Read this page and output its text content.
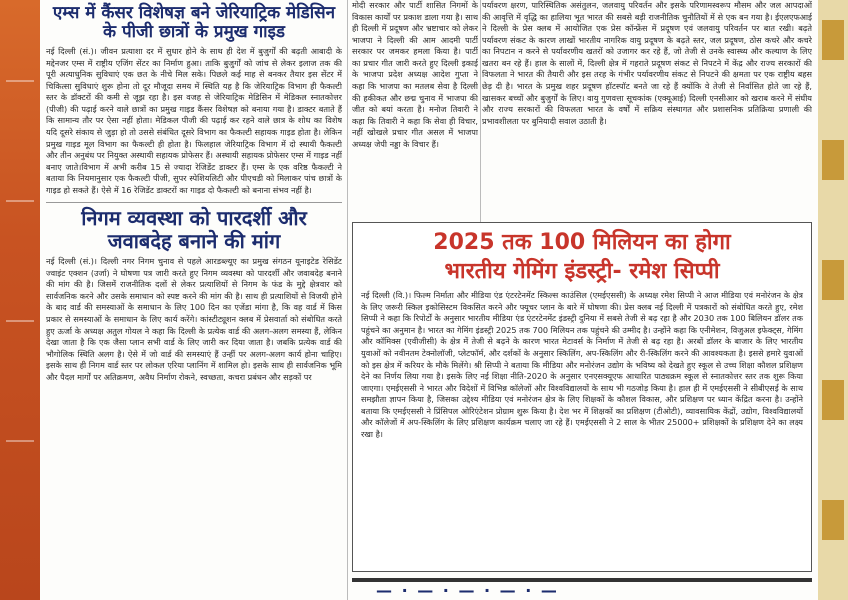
एम्स में कैंसर विशेषज्ञ बने जेरियाट्रिक मेडिसिन के पीजी छात्रों के प्रमुख गाइड
नई दिल्ली (सं.)। जीवन प्रत्याशा दर में सुधार होने के साथ ही देश में बुजुर्गों की बढ़ती आबादी के मद्देनजर एम्स में राष्ट्रीय एजिंग सेंटर का निर्माण हुआ। ताकि बुजुर्गों को जांच से लेकर इलाज तक की पूरी अत्याधुनिक सुविधाएं एक छत के नीचे मिल सके। पिछले कई माह से बनकर तैयार इस सेंटर में चिकित्सा सुविधाएं शुरू होना तो दूर मौजूदा समय में स्थिति यह है कि जेरियाट्रिक विभाग ही फैकल्टी स्तर के डॉक्टरों की कमी से जूझ रहा है। इस वजह से जेरियाट्रिक मेडिसिन में मेडिकल स्नातकोत्तर (पीजी) की पढ़ाई करने वाले छात्रों का प्रमुख गाइड कैंसर विशेषज्ञ को बनाया गया है। डाक्टर बताते हैं कि सामान्य तौर पर ऐसा नहीं होता। मेडिकल पीजी की पढ़ाई कर रहने वाले छात्र के शोध का विशेष यदि दूसरे संकाय से जुड़ा हो तो उससे संबंधित दूसरे विभाग का फैकल्टी सहायक गाइड होता है। लेकिन प्रमुख गाइड मूल विभाग का फैकल्टी ही होता है। फिलहाल जेरियाट्रिक विभाग में दो स्थायी फैकल्टी और तीन अनुबंध पर नियुक्त अस्थायी सहायक प्रोफेसर हैं। अस्थायी सहायक प्रोफेसर एम्स में गाइड नहीं बनाए जाते।विभाग में अभी करीब 15 से ज्यादा रेजिडेंट डाक्टर हैं। एम्स के एक वरिष्ठ फैकल्टी ने बताया कि नियमानुसार एक फैकल्टी पीजी, सुपर स्पेशियलिटी और पीएचडी को मिलाकर पांच छात्रों के गाइड हो सकते हैं। ऐसे में 16 रेजिडेंट डाक्टरों का गाइड दो फैकल्टी को बनाना संभव नहीं है।
निगम व्यवस्था को पारदर्शी और जवाबदेह बनाने की मांग
नई दिल्ली (सं.)। दिल्ली नगर निगम चुनाव से पहले आरडब्ल्यूए का प्रमुख संगठन यूनाइटेड रेसिडेंट ज्वाइंट एक्शन (उर्जा) ने घोषणा पत्र जारी करते हुए निगम व्यवस्था को पारदर्शी और जवाबदेह बनाने की मांग की है। जिसमें राजनीतिक दलों से लेकर प्रत्याशियों से निगम के फंड के मुद्दे क्षेत्रवार को सार्वजनिक करने और उसके समाधान को स्पष्ट करने की मांग की है। साथ ही प्रत्याशियों से विजयी होने के बाद वार्ड की समस्याओं के समाधान के लिए 100 दिन का एजेंडा मांगा है, कि वह वार्ड में किस प्रकार से समस्याओं के समाधान के लिए कार्य करेंगे। कांस्टीट्यूशन क्लब में प्रेसवार्ता को संबोधित करते हुए ऊर्जा के अध्यक्ष अतुल गोयल ने कहा कि दिल्ली के प्रत्येक वार्ड की अलग-अलग समस्या हैं, लेकिन देखा जाता है कि एक जैसा प्लान सभी वार्ड के लिए जारी कर दिया जाता है। जबकि प्रत्येक वार्ड की भौगोलिक स्थिति अलग है। ऐसे में जो वार्ड की समस्याएं हैं उन्हीं पर अलग-अलग कार्य होना चाहिए। इसके साथ ही निगम वार्ड स्तर पर लोकल एरिया प्लानिंग में शामिल हो। इसके साथ ही सार्वजनिक भूमि और पैदल मार्गों पर अतिक्रमण, अवैध निर्माण रोकने, स्वच्छता, कचरा प्रबंधन और सड़कों पर
मोदी सरकार और पार्टी शासित निगमों के विकास कार्यों पर प्रकाश डाला गया है। साथ ही दिल्ली में प्रदूषण और भ्रष्टाचार को लेकर भाजपा ने दिल्ली की आम आदमी पार्टी सरकार पर जमकर हमला किया है। पार्टी का प्रचार गीत जारी करते हुए दिल्ली इकाई के भाजपा प्रदेश अध्यक्ष आदेश गुप्ता ने कहा कि भाजपा का मतलब सेवा है दिल्ली की हकीकत और छद्म चुनाव में भाजपा की जीत को बयां करता है। मनोज तिवारी ने कहा कि तिवारी ने कहा कि सेवा ही विचार, नहीं खोखले प्रचार गीत असल में भाजपा अध्यक्ष जेपी नड्डा के विचार हैं।
पर्यावरण क्षरण, पारिस्थितिक असंतुलन, जलवायु परिवर्तन और इसके परिणामस्वरूप मौसम और जल आपदाओं की आवृत्ति में वृद्धि का हालिया भूत भारत की सबसे बड़ी राजनीतिक चुनौतियों में से एक बन गया है। ईएलएफआई ने दिल्ली के प्रेस क्लब में आयोजित एक प्रेस कॉन्फ्रेंस में प्रदूषण एवं जलवायु परिवर्तन पर बात रखी। बढ़ते पर्यावरण संकट के कारण लाखों भारतीय नागरिक वायु प्रदूषण के बढ़ते स्तर, जल प्रदूषण, ठोस कचरे और कचरे का निपटान न करने से पर्यावरणीय खतरों को उजागर कर रहे हैं, जो तेजी से उनके स्वास्थ्य और कल्याण के लिए खतरा बन रहे हैं। हाल के सालों में, दिल्ली क्षेत्र में गहराते प्रदूषण संकट से निपटने में केंद्र और राज्य सरकारों की विफलता ने भारत की तैयारी और इस तरह के गंभीर पर्यावरणीय संकट से निपटने की क्षमता पर एक राष्ट्रीय बहस छेड़ दी है। भारत के प्रमुख शहर प्रदूषण हॉटस्पॉट बनते जा रहे हैं क्योंकि वे तेजी से निर्वासित होते जा रहे हैं, खासकर बच्चों और बुजुर्गों के लिए। वायु गुणवत्ता सूचकांक (एक्यूआई) दिल्ली एनसीआर को खराब करने में संघीय और राज्य सरकारों की विफलता भारत के वर्षों में सक्रिय संस्थागत और प्रशासनिक प्रतिक्रिया प्रणाली की प्रभावशीलता पर बुनियादी सवाल उठाती है।
2025 तक 100 मिलियन का होगा
भारतीय गेमिंग इंडस्ट्री- रमेश सिप्पी
नई दिल्ली (वि.)। फिल्म निर्माता और मीडिया एंड एंटरटेनमेंट स्किल्स काउंसिल (एमईएससी) के अध्यक्ष रमेश सिप्पी ने आज मीडिया एवं मनोरंजन के क्षेत्र के लिए जरूरी स्किल इकोसिस्टम विकसित करने और फ्यूचर प्लान के बारे में घोषणा की। प्रेस क्लब नई दिल्ली में पत्रकारों को संबोधित करते हुए, रमेश सिप्पी ने कहा कि रिपोर्टों के अनुसार भारतीय मीडिया एंड एंटरटेनमेंट इंडस्ट्री दुनिया में सबसे तेजी से बढ़ रहा है और 2030 तक 100 बिलियन डॉलर तक पहुंचने का अनुमान है। भारत का गेमिंग इंडस्ट्री 2025 तक 700 मिलियन तक पहुंचने की उम्मीद है। उन्होंने कहा कि एनीमेशन, विजुअल इफेक्ट्स, गेमिंग और कॉमिक्स (एवीजीसी) के क्षेत्र में तेजी से बढ़ने के कारण भारत मेटावर्स के निर्माण में तेजी से बढ़ रहा है। अरबों डॉलर के बाजार के लिए भारतीय युवाओं को नवीनतम टेक्नोलॉजी, प्लेटफॉर्म, और दर्शकों के अनुसार स्किलिंग, अप-स्किलिंग और री-स्किलिंग करने की आवश्यकता है। इससे हमारे युवाओं को इस क्षेत्र में करियर के मौके मिलेंगे। श्री सिप्पी ने बताया कि मीडिया और मनोरंजन उद्योग के भविष्य को देखते हुए स्कूल से उच्च शिक्षा कौशल प्रशिक्षण देने का निर्णय लिया गया है। इसके लिए नई शिक्षा नीति-2020 के अनुसार एनएसक्यूएफ आधारित पाठ्यक्रम स्कूल से स्नातकोत्तर स्तर तक शुरू किया जाएगा। एमईएससी ने भारत और विदेशों में विभिन्न कॉलेजों और विश्वविद्यालयों के साथ भी गठजोड़ किया है। हाल ही में एमईएससी ने सीबीएसई के साथ समझौता ज्ञापन किया है, जिसका उद्देश्य मीडिया एवं मनोरंजन क्षेत्र के लिए शिक्षकों के कौशल विकास, और प्रशिक्षण पर ध्यान केंद्रित करना है। उन्होंने बताया कि एमईएससी ने प्रिंसिपल ओरिएंटेशन प्रोग्राम शुरू किया है। देश भर में शिक्षकों का प्रशिक्षण (टीओटी), व्यावसायिक केंद्रों, उद्योग, विश्वविद्यालयों और कॉलेजों में अप-स्किलिंग के लिए प्रशिक्षण कार्यक्रम चलाए जा रहे हैं। एमईएससी ने 2 साल के भीतर 25000+ प्रशिक्षकों के प्रशिक्षण देने का लक्ष्य रखा है।
— · — · — · — · —
